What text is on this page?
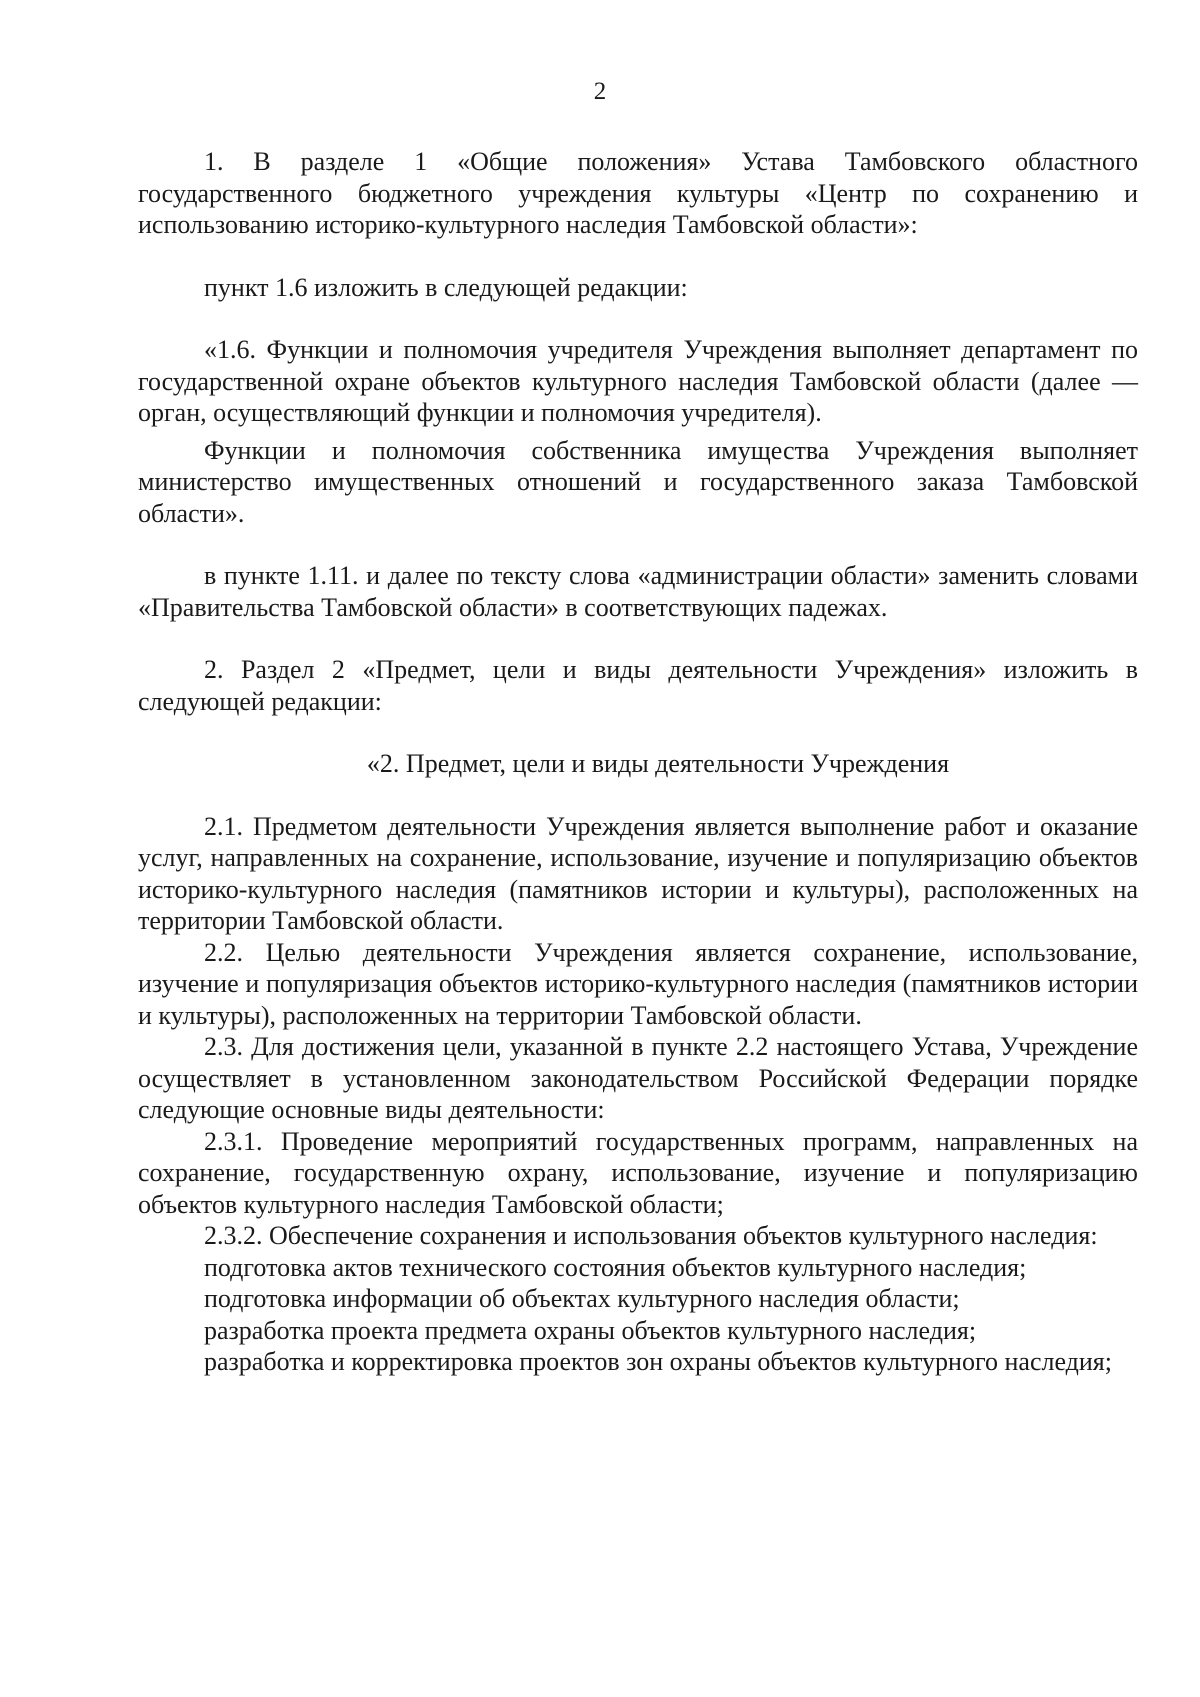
2

1. В разделе 1 «Общие положения» Устава Тамбовского областного государственного бюджетного учреждения культуры «Центр по сохранению и использованию историко-культурного наследия Тамбовской области»:

пункт 1.6 изложить в следующей редакции:

«1.6. Функции и полномочия учредителя Учреждения выполняет департамент по государственной охране объектов культурного наследия Тамбовской области (далее — орган, осуществляющий функции и полномочия учредителя).

Функции и полномочия собственника имущества Учреждения выполняет министерство имущественных отношений и государственного заказа Тамбовской области».

в пункте 1.11. и далее по тексту слова «администрации области» заменить словами «Правительства Тамбовской области» в соответствующих падежах.

2. Раздел 2 «Предмет, цели и виды деятельности Учреждения» изложить в следующей редакции:

«2. Предмет, цели и виды деятельности Учреждения

2.1. Предметом деятельности Учреждения является выполнение работ и оказание услуг, направленных на сохранение, использование, изучение и популяризацию объектов историко-культурного наследия (памятников истории и культуры), расположенных на территории Тамбовской области.

2.2. Целью деятельности Учреждения является сохранение, использование, изучение и популяризация объектов историко-культурного наследия (памятников истории и культуры), расположенных на территории Тамбовской области.

2.3. Для достижения цели, указанной в пункте 2.2 настоящего Устава, Учреждение осуществляет в установленном законодательством Российской Федерации порядке следующие основные виды деятельности:

2.3.1. Проведение мероприятий государственных программ, направленных на сохранение, государственную охрану, использование, изучение и популяризацию объектов культурного наследия Тамбовской области;

2.3.2. Обеспечение сохранения и использования объектов культурного наследия:

подготовка актов технического состояния объектов культурного наследия;

подготовка информации об объектах культурного наследия области;

разработка проекта предмета охраны объектов культурного наследия;

разработка и корректировка проектов зон охраны объектов культурного наследия;
